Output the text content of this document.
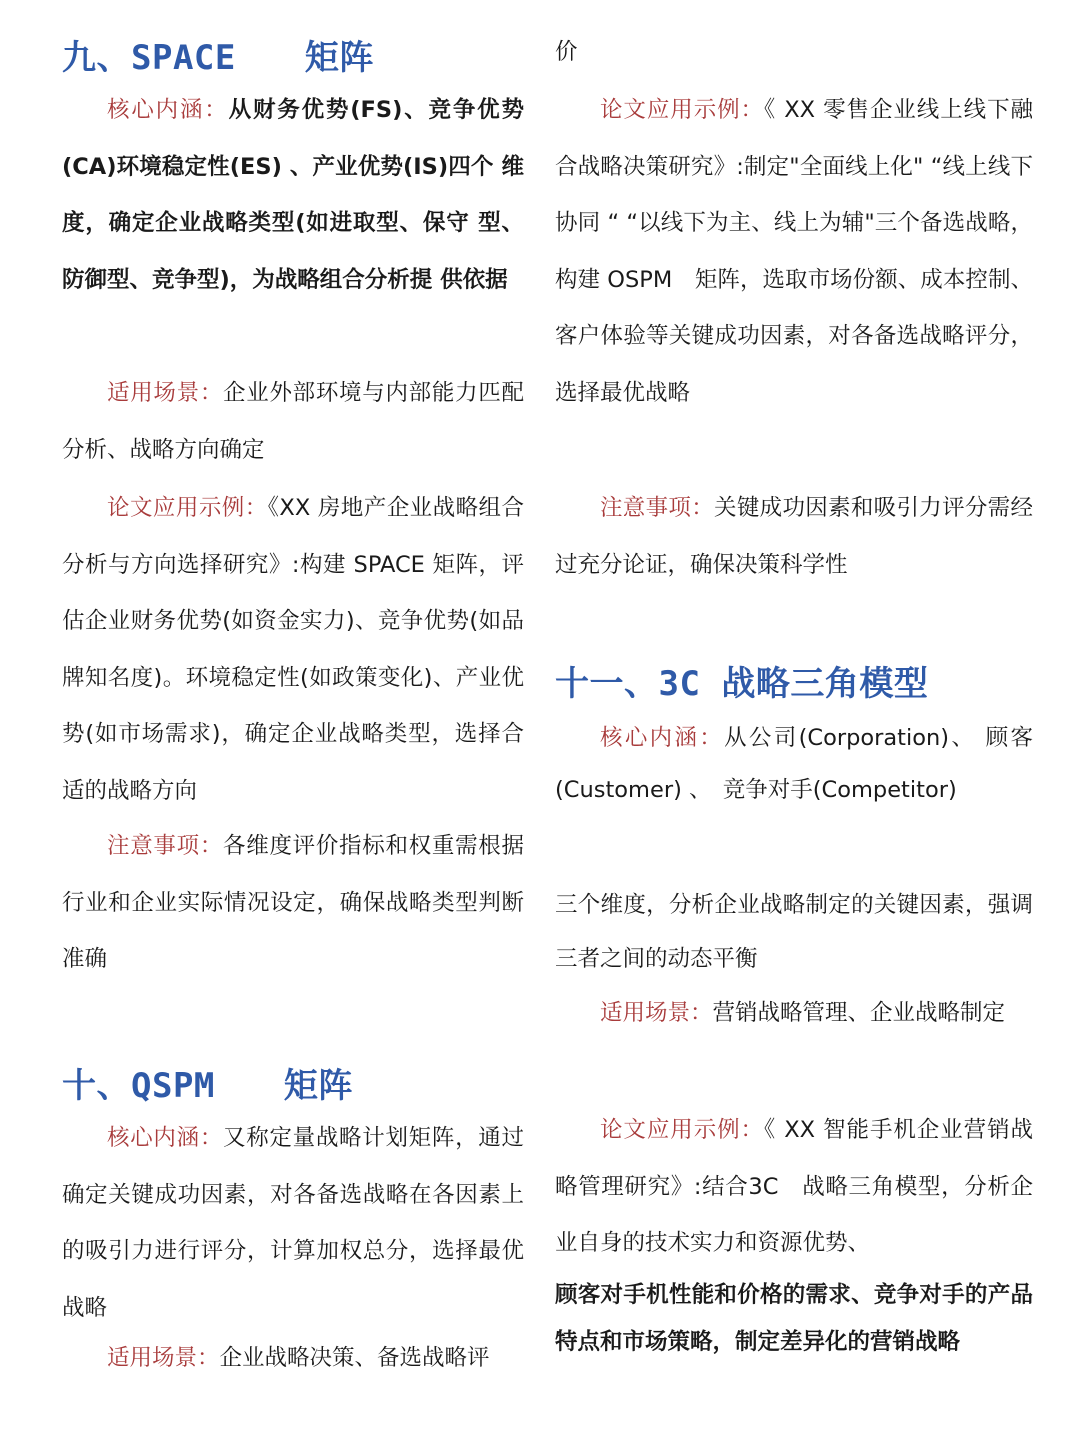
九、SPACE　　矩阵

核心内涵：从财务优势(FS)、竞争优势 (CA)环境稳定性(ES) 、产业优势(IS)四个 维度，确定企业战略类型(如进取型、保守 型、防御型、竞争型)，为战略组合分析提 供依据

适用场景：企业外部环境与内部能力匹配分析、战略方向确定

论文应用示例：《XX 房地产企业战略组合分析与方向选择研究》:构建 SPACE 矩阵，评估企业财务优势(如资金实力)、竞争优势(如品牌知名度)。环境稳定性(如政策变化)、产业优势(如市场需求)，确定企业战略类型，选择合适的战略方向

注意事项：各维度评价指标和权重需根据行业和企业实际情况设定，确保战略类型判断准确

十、QSPM　　矩阵

核心内涵：又称定量战略计划矩阵，通过确定关键成功因素，对各备选战略在各因素上的吸引力进行评分，计算加权总分，选择最优战略

适用场景：企业战略决策、备选战略评

价

论文应用示例：《 XX 零售企业线上线下融合战略决策研究》:制定"全面线上化" “线上线下协同 “ “以线下为主、线上为辅"三个备选战略，构建 OSPM　矩阵，选取市场份额、成本控制、客户体验等关键成功因素，对各备选战略评分，选择最优战略

注意事项：关键成功因素和吸引力评分需经过充分论证，确保决策科学性

十一、3C 战略三角模型

核心内涵：从公司(Corporation)、 顾客 (Customer) 、　竞争对手(Competitor)

三个维度，分析企业战略制定的关键因素，强调三者之间的动态平衡

适用场景：营销战略管理、企业战略制定

论文应用示例：《 XX 智能手机企业营销战略管理研究》:结合3C　战略三角模型，分析企业自身的技术实力和资源优势、

顾客对手机性能和价格的需求、竞争对手的产品特点和市场策略，制定差异化的营销战略
